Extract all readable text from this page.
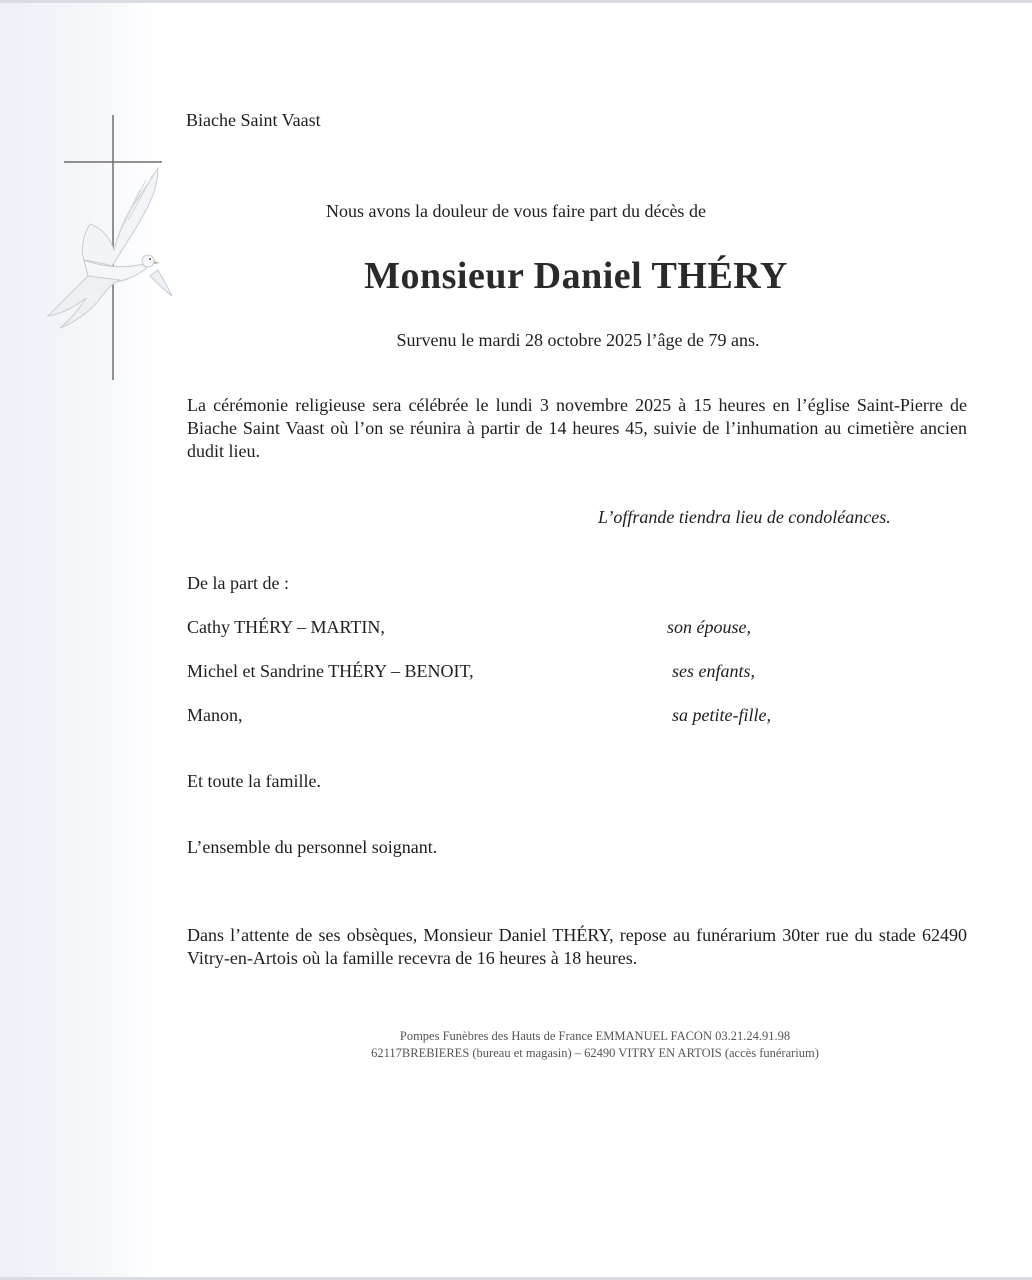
Biache Saint Vaast
Nous avons la douleur de vous faire part du décès de
Monsieur Daniel THÉRY
Survenu le mardi 28 octobre 2025 l’âge de 79 ans.
La cérémonie religieuse sera célébrée le lundi 3 novembre 2025 à 15 heures en l’église Saint-Pierre de Biache Saint Vaast où l’on se réunira à partir de 14 heures 45, suivie de l’inhumation au cimetière ancien dudit lieu.
L’offrande tiendra lieu de condoléances.
De la part de :
Cathy THÉRY – MARTIN,	son épouse,
Michel et Sandrine THÉRY – BENOIT,	ses enfants,
Manon,	sa petite-fille,
Et toute la famille.
L’ensemble du personnel soignant.
Dans l’attente de ses obsèques, Monsieur Daniel THÉRY, repose au funérarium 30ter rue du stade 62490 Vitry-en-Artois où la famille recevra de 16 heures à 18 heures.
Pompes Funèbres des Hauts de France EMMANUEL FACON 03.21.24.91.98
62117BREBIERES (bureau et magasin) – 62490 VITRY EN ARTOIS (accès funérarium)
